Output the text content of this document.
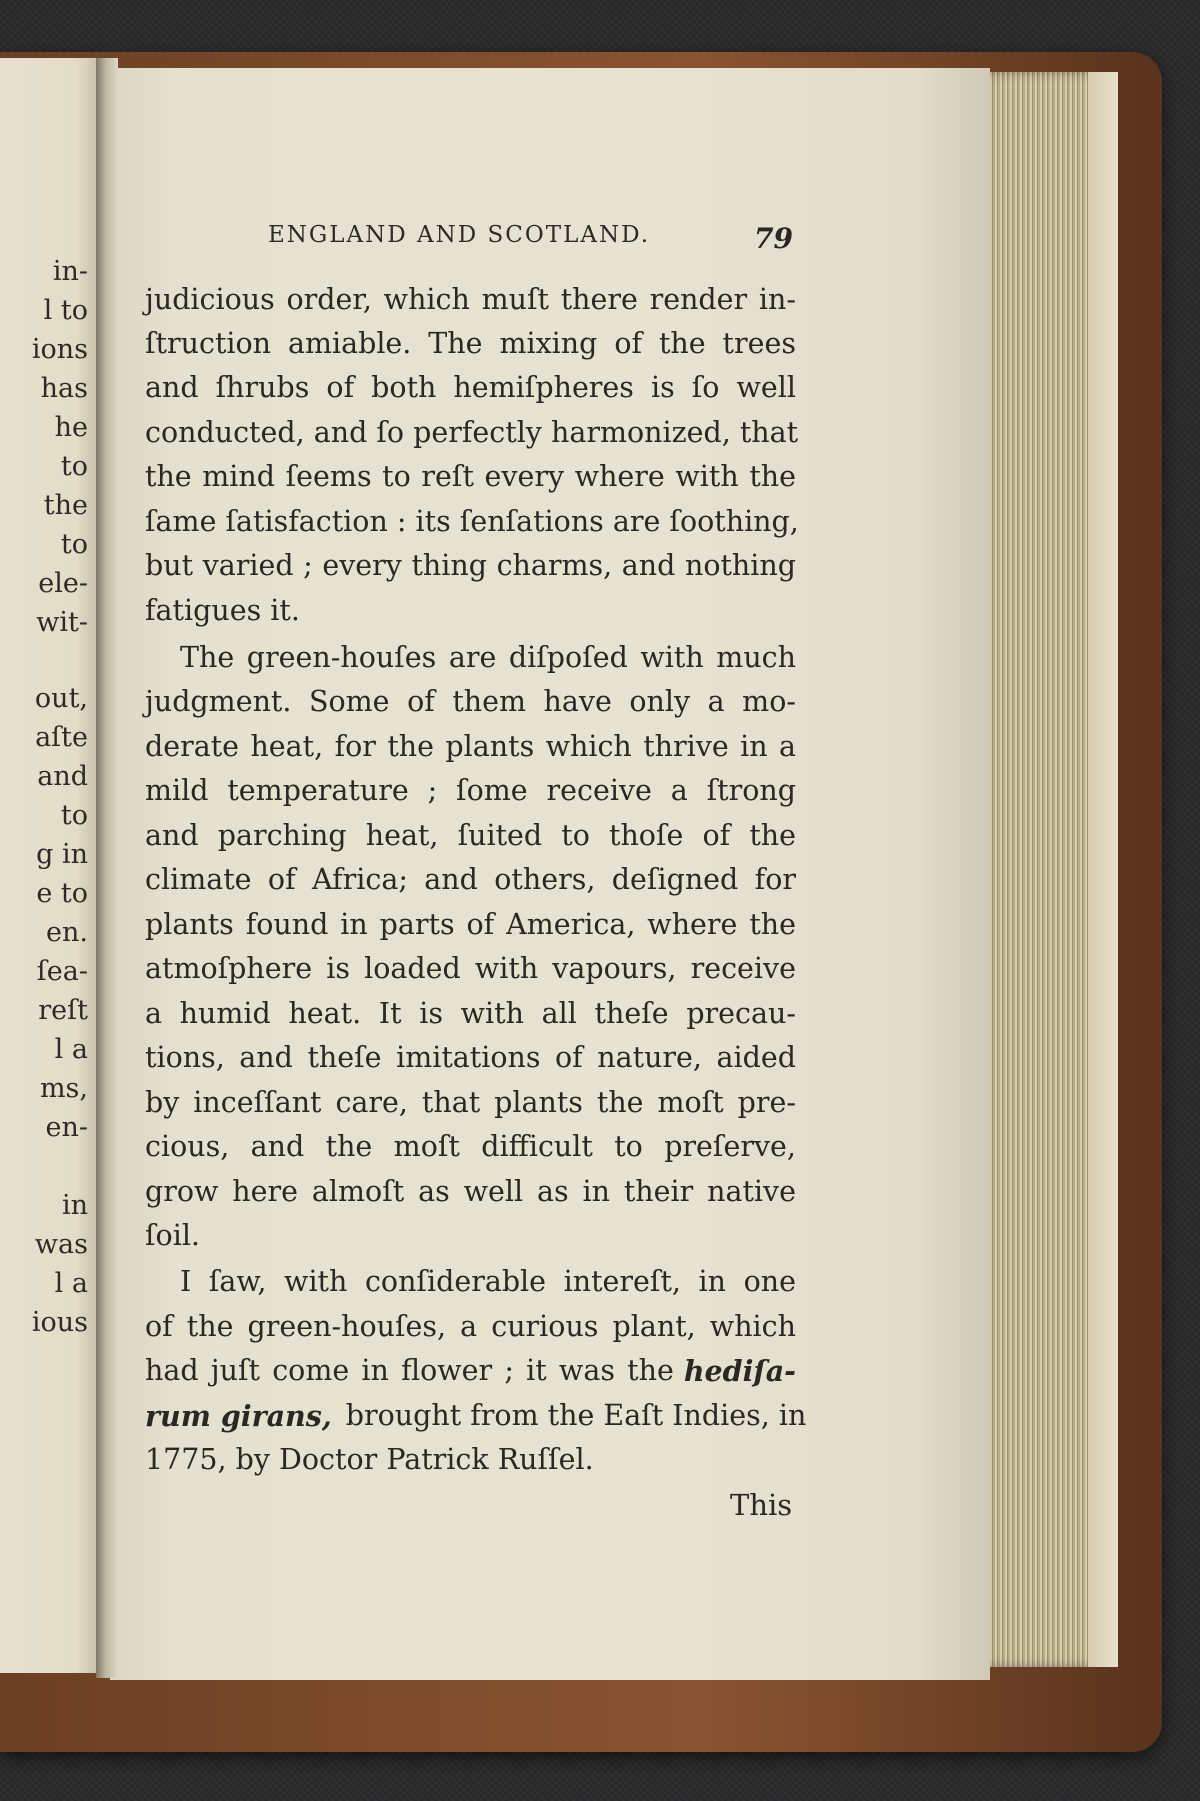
in-
l to
ions
has
he
to
the
to
ele-
wit-
out,
aſte
and
to
g in
e to
en.
ſea-
reſt
l a
ms,
en-
in
was
l a
ious
ENGLAND AND SCOTLAND.	79
judicious order, which muſt there render in-
ſtruction amiable. The mixing of the trees
and ſhrubs of both hemiſpheres is ſo well
conducted, and ſo perfectly harmonized, that
the mind ſeems to reſt every where with the
ſame ſatisfaction : its ſenſations are ſoothing,
but varied ; every thing charms, and nothing
fatigues it.
The green-houſes are diſpoſed with much
judgment. Some of them have only a mo-
derate heat, for the plants which thrive in a
mild temperature ; ſome receive a ſtrong
and parching heat, ſuited to thoſe of the
climate of Africa; and others, deſigned for
plants found in parts of America, where the
atmoſphere is loaded with vapours, receive
a humid heat. It is with all theſe precau-
tions, and theſe imitations of nature, aided
by inceſſant care, that plants the moſt pre-
cious, and the moſt difficult to preſerve,
grow here almoſt as well as in their native
ſoil.
I ſaw, with conſiderable intereſt, in one
of the green-houſes, a curious plant, which
had juſt come in flower ; it was the hediſa-
rum girans, brought from the Eaſt Indies, in
1775, by Doctor Patrick Ruſſel.
This
